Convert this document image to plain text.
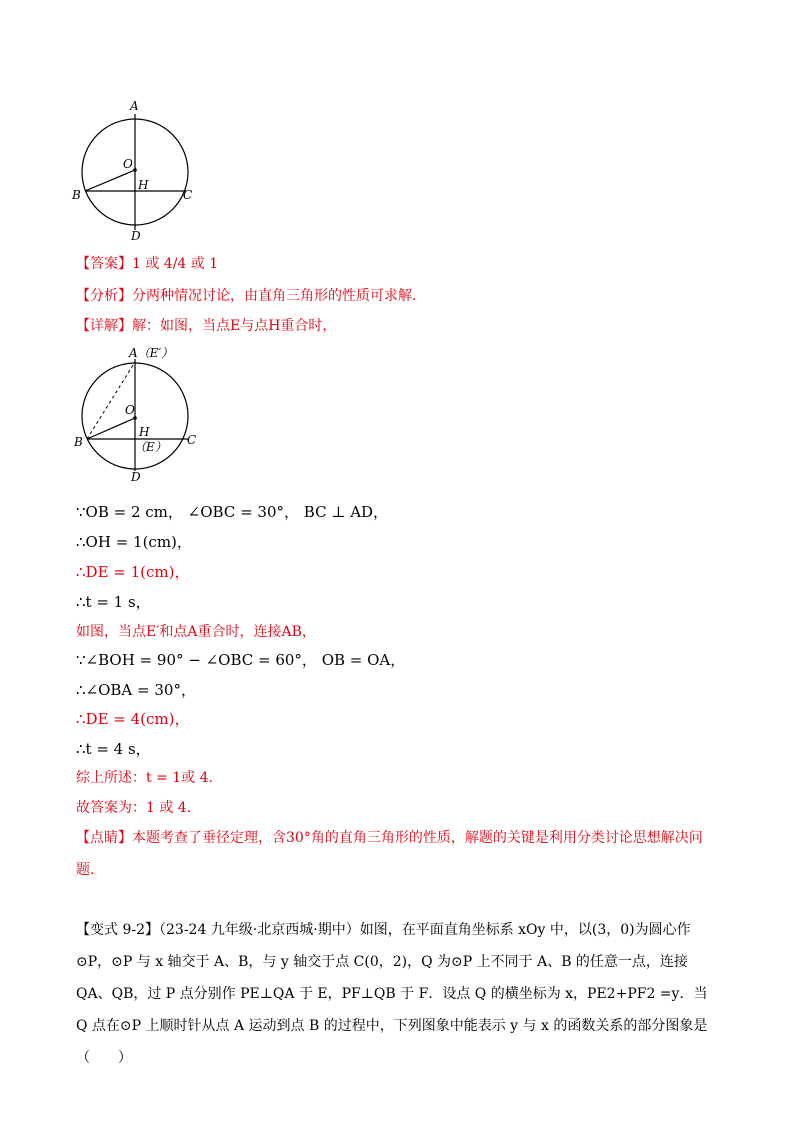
A
O
B
H
C
D
【答案】1 或 4/4 或 1
【分析】分两种情况讨论，由直角三角形的性质可求解.
【详解】解：如图，当点E与点H重合时，
A（E′）
O
B
H
（E） C
D
∵OB = 2 cm， ∠OBC = 30°， BC ⊥ AD，
∴OH = 1(cm)，
∴DE = 1(cm)，
∴t = 1 s，
如图，当点E′和点A重合时，连接AB，
∵∠BOH = 90° − ∠OBC = 60°， OB = OA，
∴∠OBA = 30°，
∴DE = 4(cm)，
∴t = 4 s，
综上所述：t = 1或 4.
故答案为：1 或 4.
【点睛】本题考查了垂径定理，含30°角的直角三角形的性质，解题的关键是利用分类讨论思想解决问题.
【变式 9-2】（23-24 九年级·北京西城·期中）如图，在平面直角坐标系 xOy 中，以(3，0)为圆心作⊙P，⊙P 与 x 轴交于 A、B，与 y 轴交于点 C(0，2)，Q 为⊙P 上不同于 A、B 的任意一点，连接 QA、QB，过 P 点分别作 PE⊥QA 于 E，PF⊥QB 于 F．设点 Q 的横坐标为 x，PE2+PF2 =y．当 Q 点在⊙P 上顺时针从点 A 运动到点 B 的过程中，下列图象中能表示 y 与 x 的函数关系的部分图象是（　　）
